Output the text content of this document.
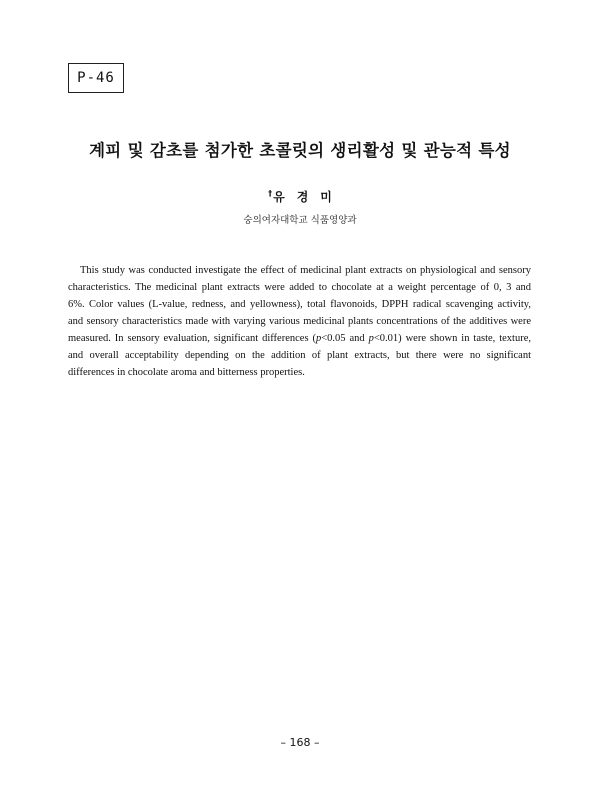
P-46
계피 및 감초를 첨가한 초콜릿의 생리활성 및 관능적 특성
†유경미
숭의여자대학교 식품영양과
This study was conducted investigate the effect of medicinal plant extracts on physiological and sensory
characteristics. The medicinal plant extracts were added to chocolate at a weight percentage of 0, 3 and
6%. Color values (L-value, redness, and yellowness), total flavonoids, DPPH radical scavenging activity,
and sensory characteristics made with varying various medicinal plants concentrations of the additives were
measured. In sensory evaluation, significant differences (p<0.05 and p<0.01) were shown in taste, texture,
and overall acceptability depending on the addition of plant extracts, but there were no significant
differences in chocolate aroma and bitterness properties.
– 168 –
